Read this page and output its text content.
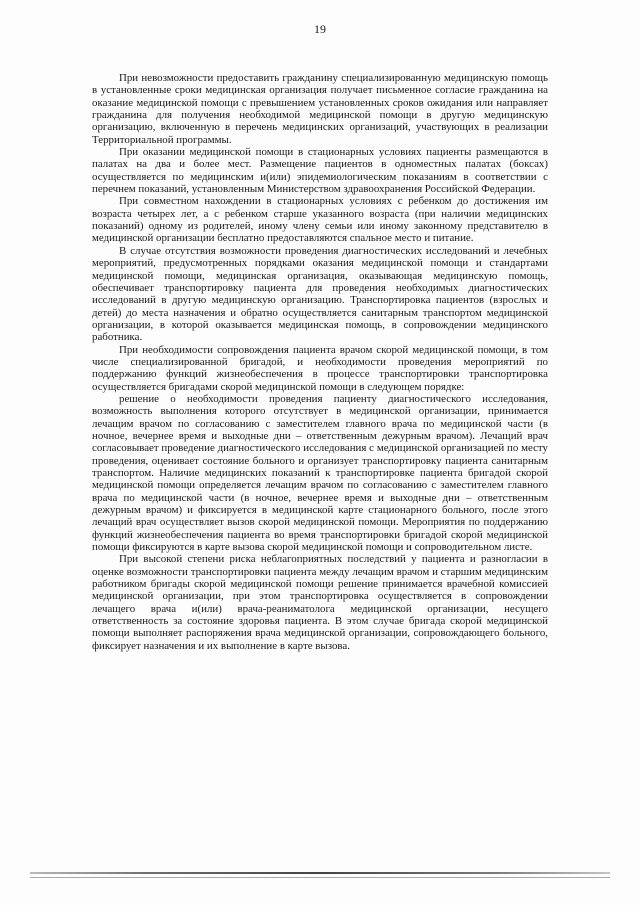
19

При невозможности предоставить гражданину специализированную медицинскую помощь в установленные сроки медицинская организация получает письменное согласие гражданина на оказание медицинской помощи с превышением установленных сроков ожидания или направляет гражданина для получения необходимой медицинской помощи в другую медицинскую организацию, включенную в перечень медицинских организаций, участвующих в реализации Территориальной программы.

При оказании медицинской помощи в стационарных условиях пациенты размещаются в палатах на два и более мест. Размещение пациентов в одноместных палатах (боксах) осуществляется по медицинским и(или) эпидемиологическим показаниям в соответствии с перечнем показаний, установленным Министерством здравоохранения Российской Федерации.

При совместном нахождении в стационарных условиях с ребенком до достижения им возраста четырех лет, а с ребенком старше указанного возраста (при наличии медицинских показаний) одному из родителей, иному члену семьи или иному законному представителю в медицинской организации бесплатно предоставляются спальное место и питание.

В случае отсутствия возможности проведения диагностических исследований и лечебных мероприятий, предусмотренных порядками оказания медицинской помощи и стандартами медицинской помощи, медицинская организация, оказывающая медицинскую помощь, обеспечивает транспортировку пациента для проведения необходимых диагностических исследований в другую медицинскую организацию. Транспортировка пациентов (взрослых и детей) до места назначения и обратно осуществляется санитарным транспортом медицинской организации, в которой оказывается медицинская помощь, в сопровождении медицинского работника.

При необходимости сопровождения пациента врачом скорой медицинской помощи, в том числе специализированной бригадой, и необходимости проведения мероприятий по поддержанию функций жизнеобеспечения в процессе транспортировки транспортировка осуществляется бригадами скорой медицинской помощи в следующем порядке:

решение о необходимости проведения пациенту диагностического исследования, возможность выполнения которого отсутствует в медицинской организации, принимается лечащим врачом по согласованию с заместителем главного врача по медицинской части (в ночное, вечернее время и выходные дни – ответственным дежурным врачом). Лечащий врач согласовывает проведение диагностического исследования с медицинской организацией по месту проведения, оценивает состояние больного и организует транспортировку пациента санитарным транспортом. Наличие медицинских показаний к транспортировке пациента бригадой скорой медицинской помощи определяется лечащим врачом по согласованию с заместителем главного врача по медицинской части (в ночное, вечернее время и выходные дни – ответственным дежурным врачом) и фиксируется в медицинской карте стационарного больного, после этого лечащий врач осуществляет вызов скорой медицинской помощи. Мероприятия по поддержанию функций жизнеобеспечения пациента во время транспортировки бригадой скорой медицинской помощи фиксируются в карте вызова скорой медицинской помощи и сопроводительном листе.

При высокой степени риска неблагоприятных последствий у пациента и разногласии в оценке возможности транспортировки пациента между лечащим врачом и старшим медицинским работником бригады скорой медицинской помощи решение принимается врачебной комиссией медицинской организации, при этом транспортировка осуществляется в сопровождении лечащего врача и(или) врача-реаниматолога медицинской организации, несущего ответственность за состояние здоровья пациента. В этом случае бригада скорой медицинской помощи выполняет распоряжения врача медицинской организации, сопровождающего больного, фиксирует назначения и их выполнение в карте вызова.
